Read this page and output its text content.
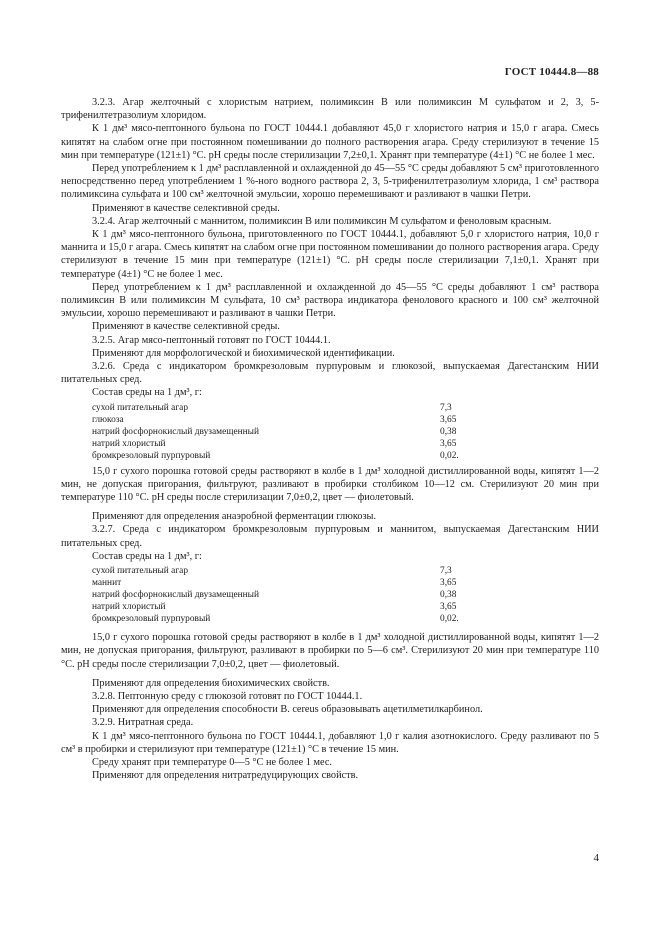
ГОСТ 10444.8—88

3.2.3. Агар желточный с хлористым натрием, полимиксин В или полимиксин М сульфатом и 2, 3, 5-трифенилтетразолиум хлоридом.

К 1 дм³ мясо-пептонного бульона по ГОСТ 10444.1 добавляют 45,0 г хлористого натрия и 15,0 г агара. Смесь кипятят на слабом огне при постоянном помешивании до полного растворения агара. Среду стерилизуют в течение 15 мин при температуре (121±1) °С. pH среды после стерилизации 7,2±0,1. Хранят при температуре (4±1) °С не более 1 мес.

Перед употреблением к 1 дм³ расплавленной и охлажденной до 45—55 °С среды добавляют 5 см³ приготовленного непосредственно перед употреблением 1 %-ного водного раствора 2, 3, 5-трифенилтетразолиум хлорида, 1 см³ раствора полимиксина сульфата и 100 см³ желточной эмульсии, хорошо перемешивают и разливают в чашки Петри.

Применяют в качестве селективной среды.

3.2.4. Агар желточный с маннитом, полимиксин В или полимиксин М сульфатом и феноловым красным.

К 1 дм³ мясо-пептонного бульона, приготовленного по ГОСТ 10444.1, добавляют 5,0 г хлористого натрия, 10,0 г маннита и 15,0 г агара. Смесь кипятят на слабом огне при постоянном помешивании до полного растворения агара. Среду стерилизуют в течение 15 мин при температуре (121±1) °С. pH среды после стерилизации 7,1±0,1. Хранят при температуре (4±1) °С не более 1 мес.

Перед употреблением к 1 дм³ расплавленной и охлажденной до 45—55 °С среды добавляют 1 см³ раствора полимиксин В или полимиксин М сульфата, 10 см³ раствора индикатора фенолового красного и 100 см³ желточной эмульсии, хорошо перемешивают и разливают в чашки Петри.

Применяют в качестве селективной среды.

3.2.5. Агар мясо-пептонный готовят по ГОСТ 10444.1.

Применяют для морфологической и биохимической идентификации.

3.2.6. Среда с индикатором бромкрезоловым пурпуровым и глюкозой, выпускаемая Дагестанским НИИ питательных сред.

Состав среды на 1 дм³, г:

сухой питательный агар	7,3
глюкоза	3,65
натрий фосфорнокислый двузамещенный	0,38
натрий хлористый	3,65
бромкрезоловый пурпуровый	0,02.

15,0 г сухого порошка готовой среды растворяют в колбе в 1 дм³ холодной дистиллированной воды, кипятят 1—2 мин, не допуская пригорания, фильтруют, разливают в пробирки столбиком 10—12 см. Стерилизуют 20 мин при температуре 110 °С. pH среды после стерилизации 7,0±0,2, цвет — фиолетовый.

Применяют для определения анаэробной ферментации глюкозы.

3.2.7. Среда с индикатором бромкрезоловым пурпуровым и маннитом, выпускаемая Дагестанским НИИ питательных сред.

Состав среды на 1 дм³, г:

сухой питательный агар	7,3
маннит	3,65
натрий фосфорнокислый двузамещенный	0,38
натрий хлористый	3,65
бромкрезоловый пурпуровый	0,02.

15,0 г сухого порошка готовой среды растворяют в колбе в 1 дм³ холодной дистиллированной воды, кипятят 1—2 мин, не допуская пригорания, фильтруют, разливают в пробирки по 5—6 см³. Стерилизуют 20 мин при температуре 110 °С. pH среды после стерилизации 7,0±0,2, цвет — фиолетовый.

Применяют для определения биохимических свойств.

3.2.8. Пептонную среду с глюкозой готовят по ГОСТ 10444.1.

Применяют для определения способности B. cereus образовывать ацетилметилкарбинол.

3.2.9. Нитратная среда.

К 1 дм³ мясо-пептонного бульона по ГОСТ 10444.1, добавляют 1,0 г калия азотнокислого. Среду разливают по 5 см³ в пробирки и стерилизуют при температуре (121±1) °С в течение 15 мин.

Среду хранят при температуре 0—5 °С не более 1 мес.

Применяют для определения нитратредуцирующих свойств.

4
